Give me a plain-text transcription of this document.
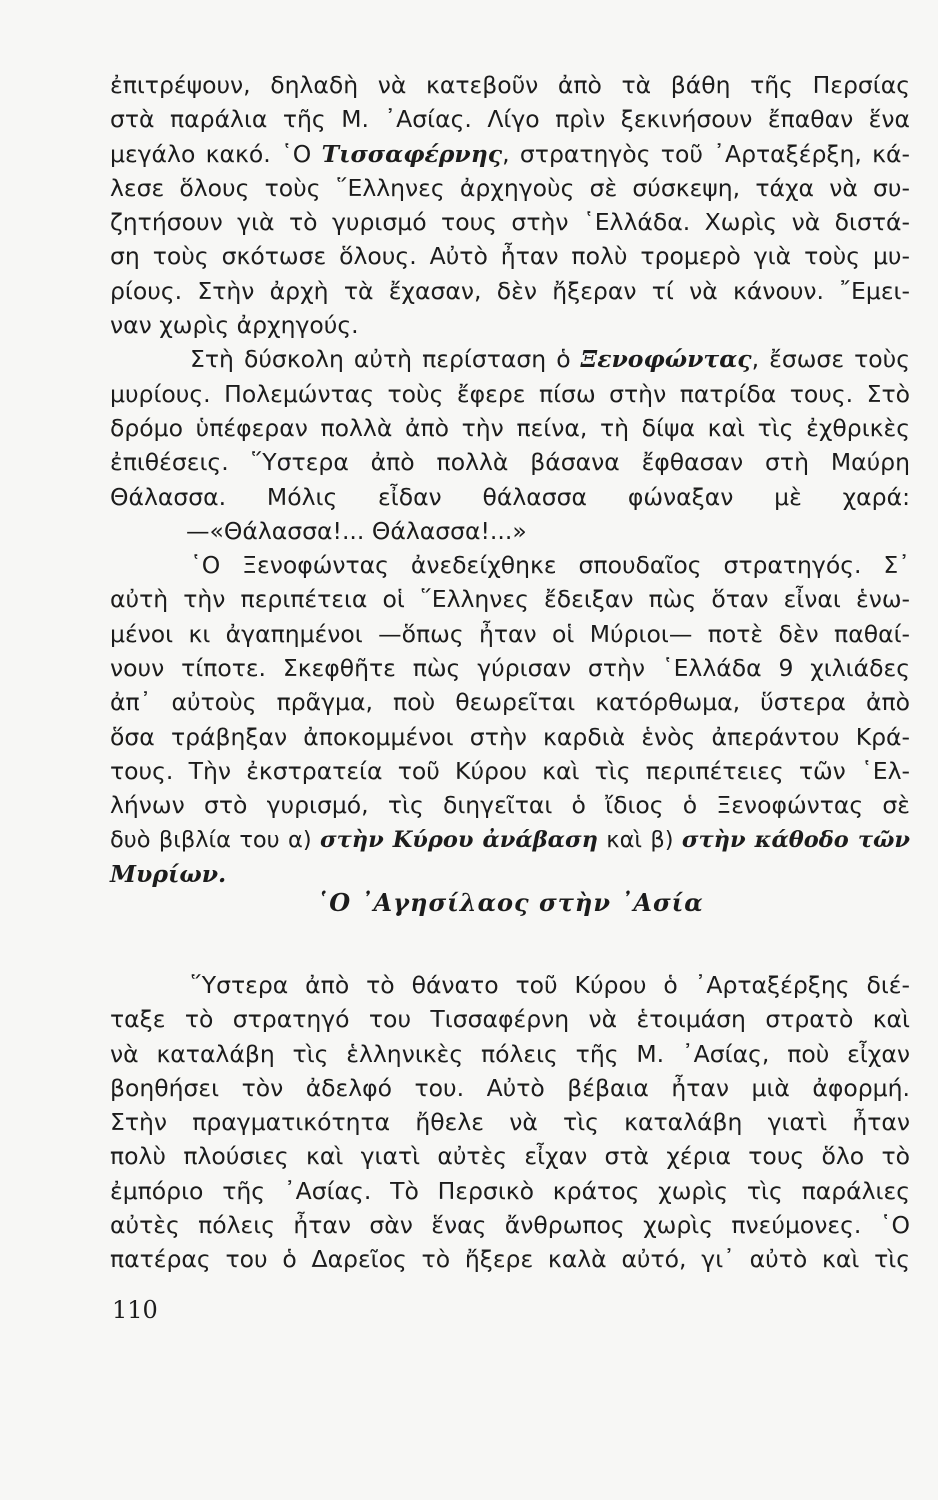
ἐπιτρέψουν, δηλαδὴ νὰ κατεβοῦν ἀπὸ τὰ βάθη τῆς Περσίας
στὰ παράλια τῆς Μ. ᾿Ασίας. Λίγο πρὶν ξεκινήσουν ἔπαθαν ἕνα
μεγάλο κακό. ῾Ο Τισσαφέρνης, στρατηγὸς τοῦ ᾿Αρταξέρξη, κά-
λεσε ὅλους τοὺς ῞Ελληνες ἀρχηγοὺς σὲ σύσκεψη, τάχα νὰ συ-
ζητήσουν γιὰ τὸ γυρισμό τους στὴν ῾Ελλάδα. Χωρὶς νὰ διστά-
ση τοὺς σκότωσε ὅλους. Αὐτὸ ἦταν πολὺ τρομερὸ γιὰ τοὺς μυ-
ρίους. Στὴν ἀρχὴ τὰ ἔχασαν, δὲν ἤξεραν τί νὰ κάνουν. ῎Εμει-
ναν χωρὶς ἀρχηγούς.
Στὴ δύσκολη αὐτὴ περίσταση ὁ Ξενοφώντας, ἔσωσε τοὺς
μυρίους. Πολεμώντας τοὺς ἔφερε πίσω στὴν πατρίδα τους. Στὸ
δρόμο ὑπέφεραν πολλὰ ἀπὸ τὴν πείνα, τὴ δίψα καὶ τὶς ἐχθρικὲς
ἐπιθέσεις. ῞Υστερα ἀπὸ πολλὰ βάσανα ἔφθασαν στὴ Μαύρη
Θάλασσα. Μόλις εἶδαν θάλασσα φώναξαν μὲ χαρά:
—«Θάλασσα!... Θάλασσα!...»
῾Ο Ξενοφώντας ἀνεδείχθηκε σπουδαῖος στρατηγός. Σ᾿
αὐτὴ τὴν περιπέτεια οἱ ῞Ελληνες ἔδειξαν πὼς ὅταν εἶναι ἑνω-
μένοι κι ἀγαπημένοι —ὅπως ἦταν οἱ Μύριοι— ποτὲ δὲν παθαί-
νουν τίποτε. Σκεφθῆτε πὼς γύρισαν στὴν ῾Ελλάδα 9 χιλιάδες
ἀπ᾿ αὐτοὺς πρᾶγμα, ποὺ θεωρεῖται κατόρθωμα, ὕστερα ἀπὸ
ὅσα τράβηξαν ἀποκομμένοι στὴν καρδιὰ ἑνὸς ἀπεράντου Κρά-
τους. Τὴν ἐκστρατεία τοῦ Κύρου καὶ τὶς περιπέτειες τῶν ῾Ελ-
λήνων στὸ γυρισμό, τὶς διηγεῖται ὁ ἴδιος ὁ Ξενοφώντας σὲ
δυὸ βιβλία του α) στὴν Κύρου ἀνάβαση καὶ β) στὴν κάθοδο τῶν
Μυρίων.
῾Ο ᾿Αγησίλαος στὴν ᾿Ασία
῞Υστερα ἀπὸ τὸ θάνατο τοῦ Κύρου ὁ ᾿Αρταξέρξης διέ-
ταξε τὸ στρατηγό του Τισσαφέρνη νὰ ἑτοιμάση στρατὸ καὶ
νὰ καταλάβη τὶς ἑλληνικὲς πόλεις τῆς Μ. ᾿Ασίας, ποὺ εἶχαν
βοηθήσει τὸν ἀδελφό του. Αὐτὸ βέβαια ἦταν μιὰ ἀφορμή.
Στὴν πραγματικότητα ἤθελε νὰ τὶς καταλάβη γιατὶ ἦταν
πολὺ πλούσιες καὶ γιατὶ αὐτὲς εἶχαν στὰ χέρια τους ὅλο τὸ
ἐμπόριο τῆς ᾿Ασίας. Τὸ Περσικὸ κράτος χωρὶς τὶς παράλιες
αὐτὲς πόλεις ἦταν σὰν ἕνας ἄνθρωπος χωρὶς πνεύμονες. ῾Ο
πατέρας του ὁ Δαρεῖος τὸ ἤξερε καλὰ αὐτό, γι᾿ αὐτὸ καὶ τὶς
110
